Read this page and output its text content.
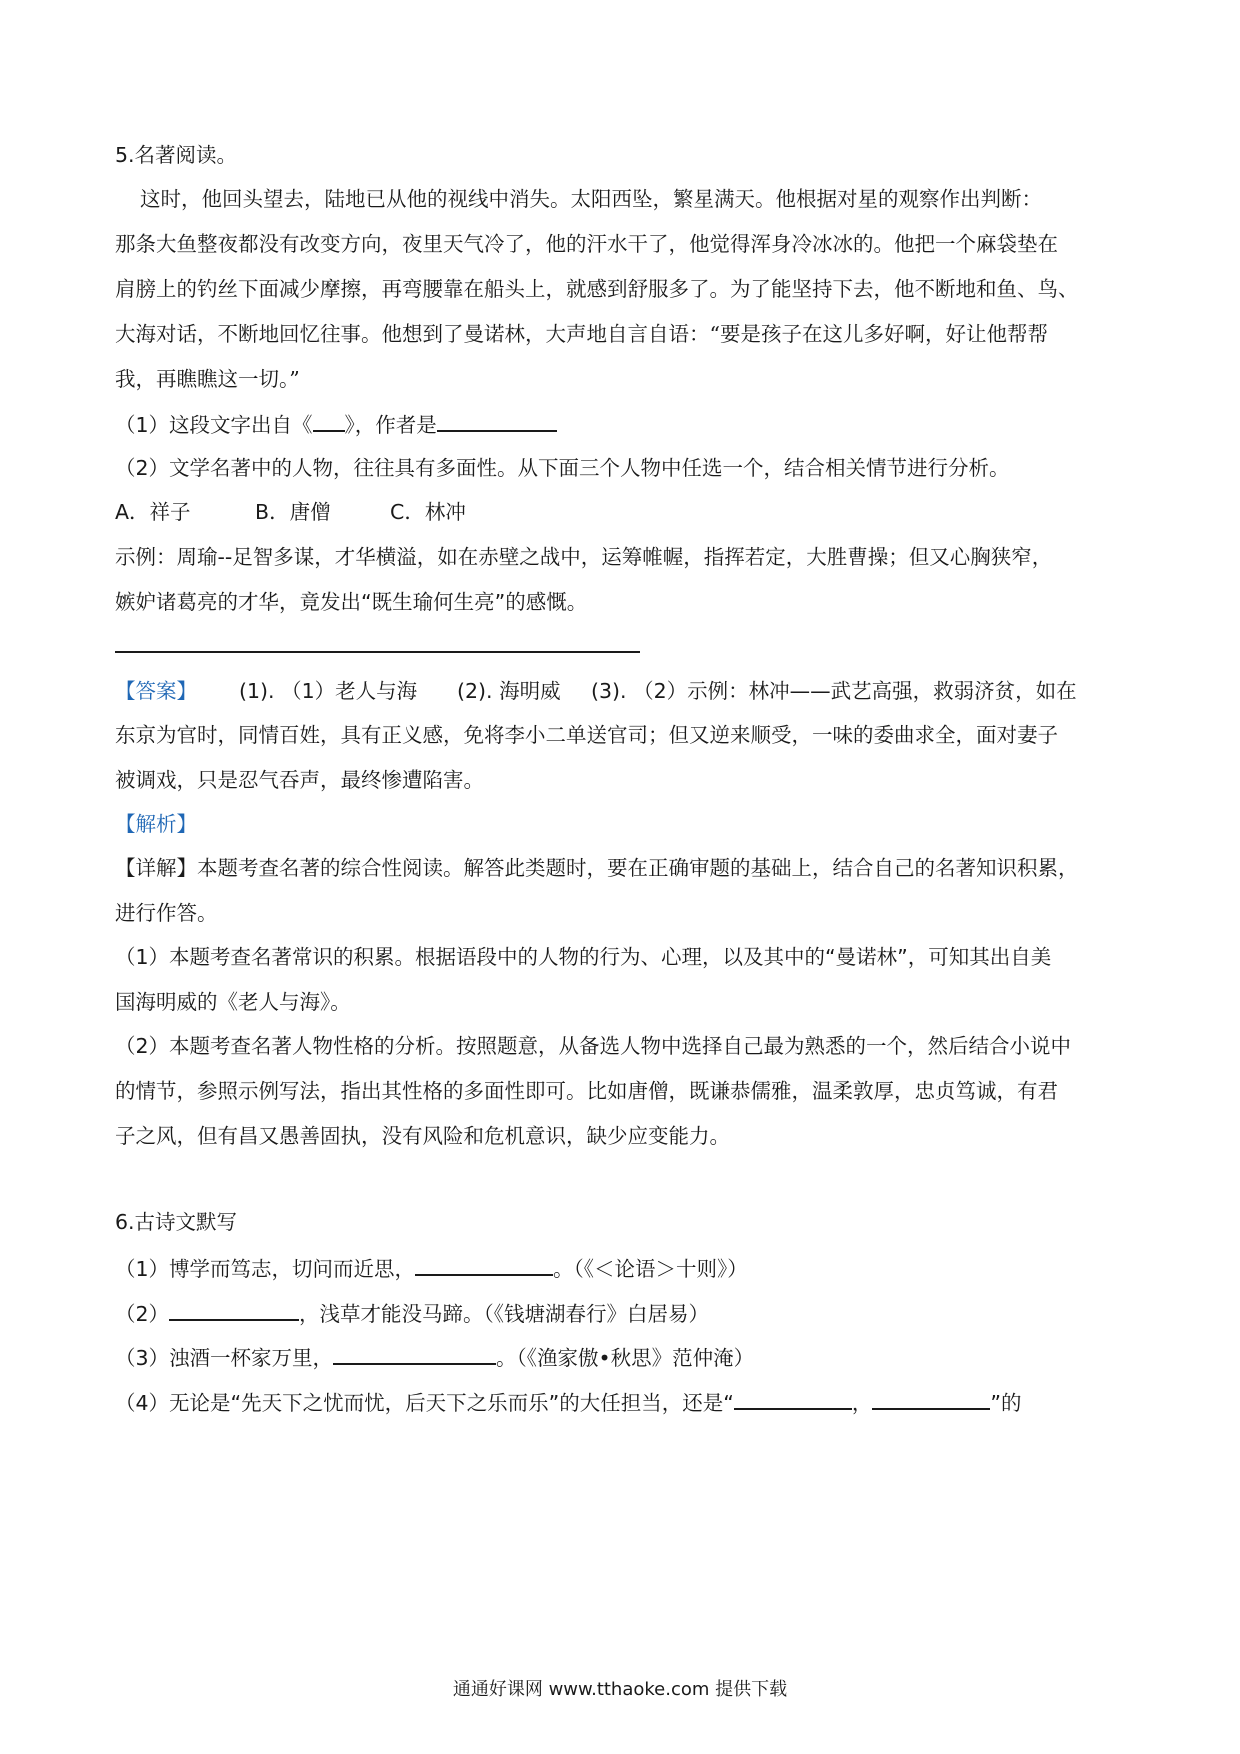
5.名著阅读。
这时，他回头望去，陆地已从他的视线中消失。太阳西坠，繁星满天。他根据对星的观察作出判断：
那条大鱼整夜都没有改变方向，夜里天气冷了，他的汗水干了，他觉得浑身冷冰冰的。他把一个麻袋垫在
肩膀上的钓丝下面减少摩擦，再弯腰靠在船头上，就感到舒服多了。为了能坚持下去，他不断地和鱼、鸟、
大海对话，不断地回忆往事。他想到了曼诺林，大声地自言自语：“要是孩子在这儿多好啊，好让他帮帮
我，再瞧瞧这一切。”
（1）这段文字出自《 》，作者是
（2）文学名著中的人物，往往具有多面性。从下面三个人物中任选一个，结合相关情节进行分析。
A．祥子	B．唐僧	C．林冲
示例：周瑜--足智多谋，才华横溢，如在赤壁之战中，运筹帷幄，指挥若定，大胜曹操；但又心胸狭窄，
嫉妒诸葛亮的才华，竟发出“既生瑜何生亮”的感慨。
【答案】 (1). （1）老人与海 (2). 海明威 (3). （2）示例：林冲——武艺高强，救弱济贫，如在
东京为官时，同情百姓，具有正义感，免将李小二单送官司；但又逆来顺受，一味的委曲求全，面对妻子
被调戏，只是忍气吞声，最终惨遭陷害。
【解析】
【详解】本题考查名著的综合性阅读。解答此类题时，要在正确审题的基础上，结合自己的名著知识积累，
进行作答。
（1）本题考查名著常识的积累。根据语段中的人物的行为、心理，以及其中的“曼诺林”，可知其出自美
国海明威的《老人与海》。
（2）本题考查名著人物性格的分析。按照题意，从备选人物中选择自己最为熟悉的一个，然后结合小说中
的情节，参照示例写法，指出其性格的多面性即可。比如唐僧，既谦恭儒雅，温柔敦厚，忠贞笃诚，有君
子之风，但有昌又愚善固执，没有风险和危机意识，缺少应变能力。
6.古诗文默写
（1）博学而笃志，切问而近思，	。（《＜论语＞十则》）
（2）	，浅草才能没马蹄。（《钱塘湖春行》白居易）
（3）浊酒一杯家万里，	。（《渔家傲•秋思》范仲淹）
（4）无论是“先天下之忧而忧，后天下之乐而乐”的大任担当，还是“	，	”的
通通好课网 www.tthaoke.com 提供下载
